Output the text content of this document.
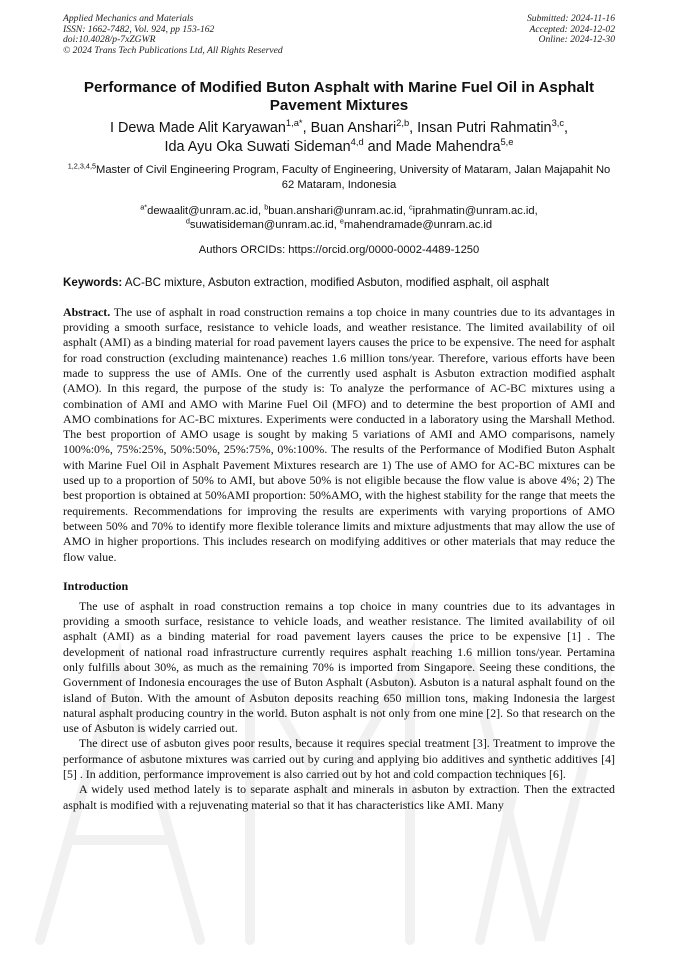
Applied Mechanics and Materials
ISSN: 1662-7482, Vol. 924, pp 153-162
doi:10.4028/p-7xZGWR
© 2024 Trans Tech Publications Ltd, All Rights Reserved
Submitted: 2024-11-16
Accepted: 2024-12-02
Online: 2024-12-30
Performance of Modified Buton Asphalt with Marine Fuel Oil in Asphalt Pavement Mixtures
I Dewa Made Alit Karyawan$^{1,a*}$, Buan Anshari$^{2,b}$, Insan Putri Rahmatin$^{3,c}$,
Ida Ayu Oka Suwati Sideman$^{4,d}$ and Made Mahendra$^{5,e}$
$^{1,2,3,4,5}$Master of Civil Engineering Program, Faculty of Engineering, University of Mataram, Jalan Majapahit No 62 Mataram, Indonesia
$^{a*}$dewaalit@unram.ac.id, $^b$buan.anshari@unram.ac.id, $^c$iprahmatin@unram.ac.id,
$^d$suwatisideman@unram.ac.id, $^e$mahendramade@unram.ac.id
Authors ORCIDs: https://orcid.org/0000-0002-4489-1250
Keywords: AC-BC mixture, Asbuton extraction, modified Asbuton, modified asphalt, oil asphalt
Abstract. The use of asphalt in road construction remains a top choice in many countries due to its advantages in providing a smooth surface, resistance to vehicle loads, and weather resistance. The limited availability of oil asphalt (AMI) as a binding material for road pavement layers causes the price to be expensive. The need for asphalt for road construction (excluding maintenance) reaches 1.6 million tons/year. Therefore, various efforts have been made to suppress the use of AMIs. One of the currently used asphalt is Asbuton extraction modified asphalt (AMO). In this regard, the purpose of the study is: To analyze the performance of AC-BC mixtures using a combination of AMI and AMO with Marine Fuel Oil (MFO) and to determine the best proportion of AMI and AMO combinations for AC-BC mixtures. Experiments were conducted in a laboratory using the Marshall Method. The best proportion of AMO usage is sought by making 5 variations of AMI and AMO comparisons, namely 100%:0%, 75%:25%, 50%:50%, 25%:75%, 0%:100%. The results of the Performance of Modified Buton Asphalt with Marine Fuel Oil in Asphalt Pavement Mixtures research are 1) The use of AMO for AC-BC mixtures can be used up to a proportion of 50% to AMI, but above 50% is not eligible because the flow value is above 4%; 2) The best proportion is obtained at 50%AMI proportion: 50%AMO, with the highest stability for the range that meets the requirements. Recommendations for improving the results are experiments with varying proportions of AMO between 50% and 70% to identify more flexible tolerance limits and mixture adjustments that may allow the use of AMO in higher proportions. This includes research on modifying additives or other materials that may reduce the flow value.
Introduction

The use of asphalt in road construction remains a top choice in many countries due to its advantages in providing a smooth surface, resistance to vehicle loads, and weather resistance. The limited availability of oil asphalt (AMI) as a binding material for road pavement layers causes the price to be expensive [1] . The development of national road infrastructure currently requires asphalt reaching 1.6 million tons/year. Pertamina only fulfills about 30%, as much as the remaining 70% is imported from Singapore. Seeing these conditions, the Government of Indonesia encourages the use of Buton Asphalt (Asbuton). Asbuton is a natural asphalt found on the island of Buton. With the amount of Asbuton deposits reaching 650 million tons, making Indonesia the largest natural asphalt producing country in the world. Buton asphalt is not only from one mine [2]. So that research on the use of Asbuton is widely carried out.

The direct use of asbuton gives poor results, because it requires special treatment [3]. Treatment to improve the performance of asbutone mixtures was carried out by curing and applying bio additives and synthetic additives [4] [5] . In addition, performance improvement is also carried out by hot and cold compaction techniques [6].

A widely used method lately is to separate asphalt and minerals in asbuton by extraction. Then the extracted asphalt is modified with a rejuvenating material so that it has characteristics like AMI. Many
